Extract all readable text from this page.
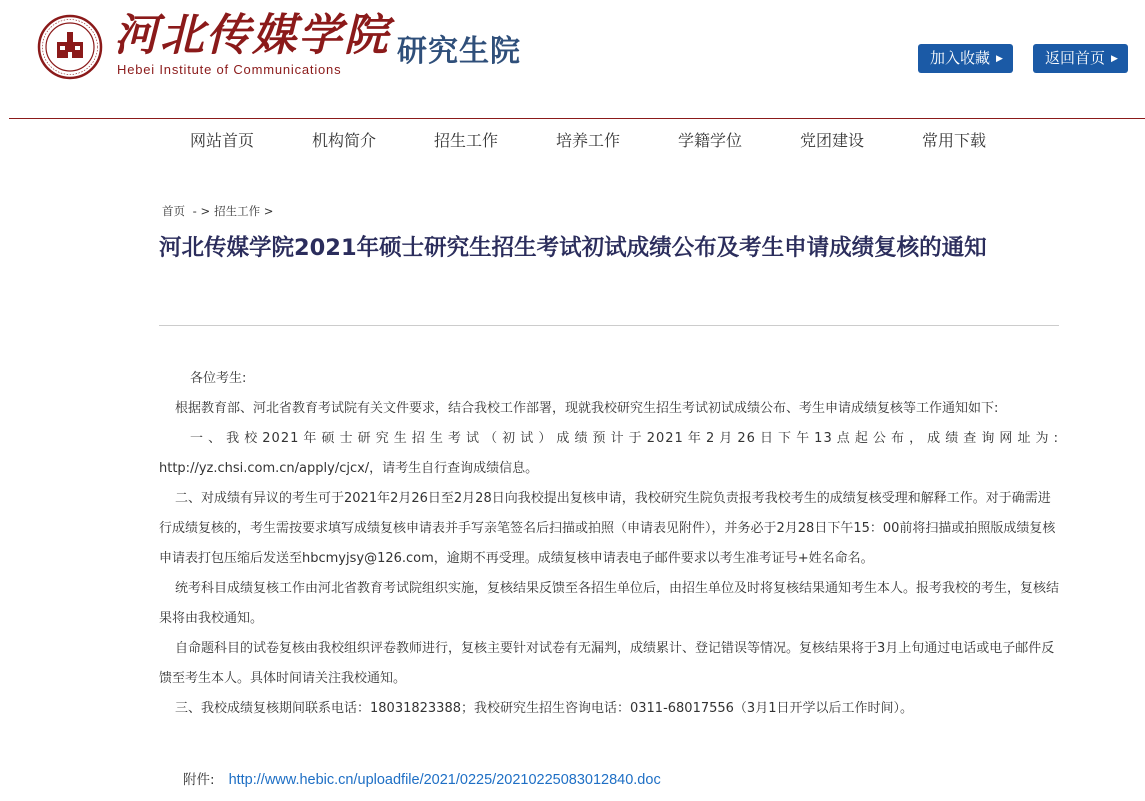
河北传媒学院
Hebei Institute of Communications
研究生院	加入收藏 ▶	返回首页 ▶
网站首页	机构简介	招生工作	培养工作	学籍学位	党团建设	常用下载
首页 - > 招生工作 >
河北传媒学院2021年硕士研究生招生考试初试成绩公布及考生申请成绩复核的通知

各位考生:

根据教育部、河北省教育考试院有关文件要求，结合我校工作部署，现就我校研究生招生考试初试成绩公布、考生申请成绩复核等工作通知如下:

一、我校2021年硕士研究生招生考试（初试）成绩预计于2021年2月26日下午13点起公布，成绩查询网址为:

http://yz.chsi.com.cn/apply/cjcx/，请考生自行查询成绩信息。

二、对成绩有异议的考生可于2021年2月26日至2月28日向我校提出复核申请，我校研究生院负责报考我校考生的成绩复核受理和解释工作。对于确需进行成绩复核的，考生需按要求填写成绩复核申请表并手写亲笔签名后扫描或拍照（申请表见附件），并务必于2月28日下午15：00前将扫描或拍照版成绩复核申请表打包压缩后发送至hbcmyjsy@126.com，逾期不再受理。成绩复核申请表电子邮件要求以考生准考证号+姓名命名。

统考科目成绩复核工作由河北省教育考试院组织实施，复核结果反馈至各招生单位后，由招生单位及时将复核结果通知考生本人。报考我校的考生，复核结果将由我校通知。

自命题科目的试卷复核由我校组织评卷教师进行，复核主要针对试卷有无漏判，成绩累计、登记错误等情况。复核结果将于3月上旬通过电话或电子邮件反馈至考生本人。具体时间请关注我校通知。

三、我校成绩复核期间联系电话：18031823388；我校研究生招生咨询电话：0311-68017556（3月1日开学以后工作时间）。

附件: http://www.hebic.cn/uploadfile/2021/0225/20210225083012840.doc
